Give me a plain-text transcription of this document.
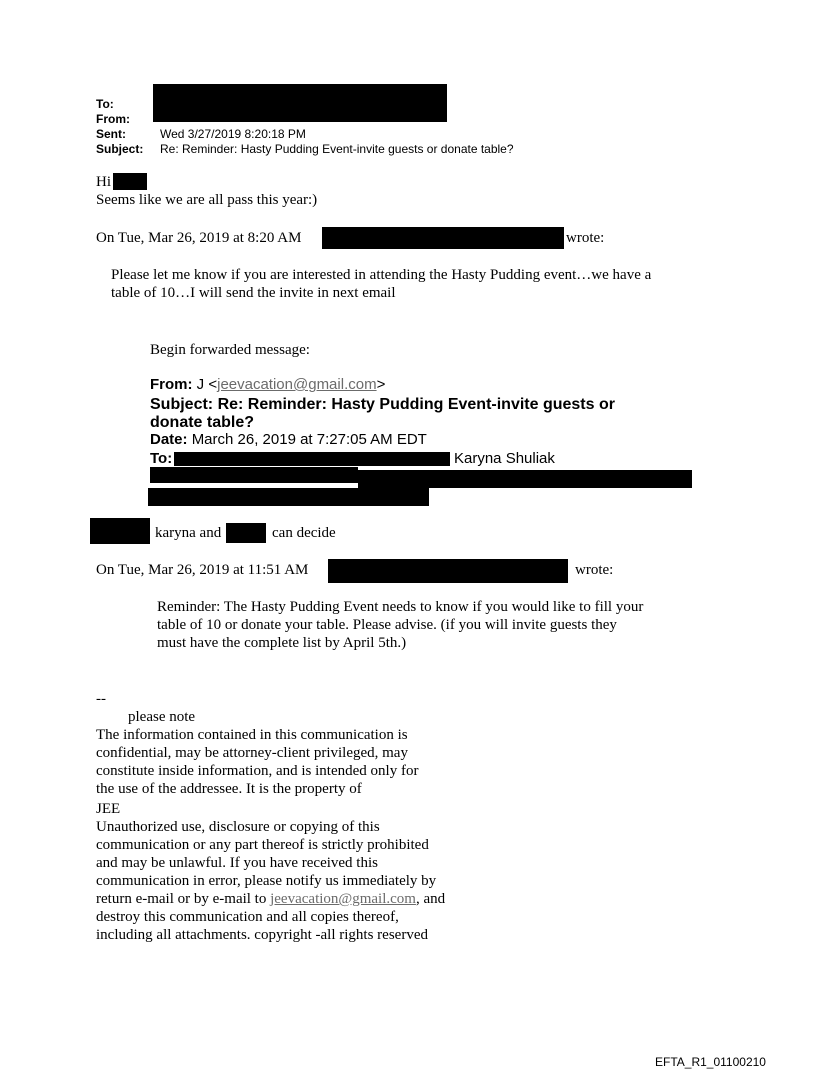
To:
From:
Sent:	Wed 3/27/2019 8:20:18 PM
Subject: Re: Reminder: Hasty Pudding Event-invite guests or donate table?
Hi
Seems like we are all pass this year:)
On Tue, Mar 26, 2019 at 8:20 AM	wrote:
Please let me know if you are interested in attending the Hasty Pudding event…we have a
table of 10…I will send the invite in next email
Begin forwarded message:
From: J <jeevacation@gmail.com>
Subject: Re: Reminder: Hasty Pudding Event-invite guests or
donate table?
Date: March 26, 2019 at 7:27:05 AM EDT
To:	Karyna Shuliak
karyna and	can decide
On Tue, Mar 26, 2019 at 11:51 AM	wrote:
Reminder: The Hasty Pudding Event needs to know if you would like to fill your
table of 10 or donate your table. Please advise. (if you will invite guests they
must have the complete list by April 5th.)
--
please note
The information contained in this communication is
confidential, may be attorney-client privileged, may
constitute inside information, and is intended only for
the use of the addressee. It is the property of
JEE
Unauthorized use, disclosure or copying of this
communication or any part thereof is strictly prohibited
and may be unlawful. If you have received this
communication in error, please notify us immediately by
return e-mail or by e-mail to jeevacation@gmail.com, and
destroy this communication and all copies thereof,
including all attachments. copyright -all rights reserved
EFTA_R1_01100210
